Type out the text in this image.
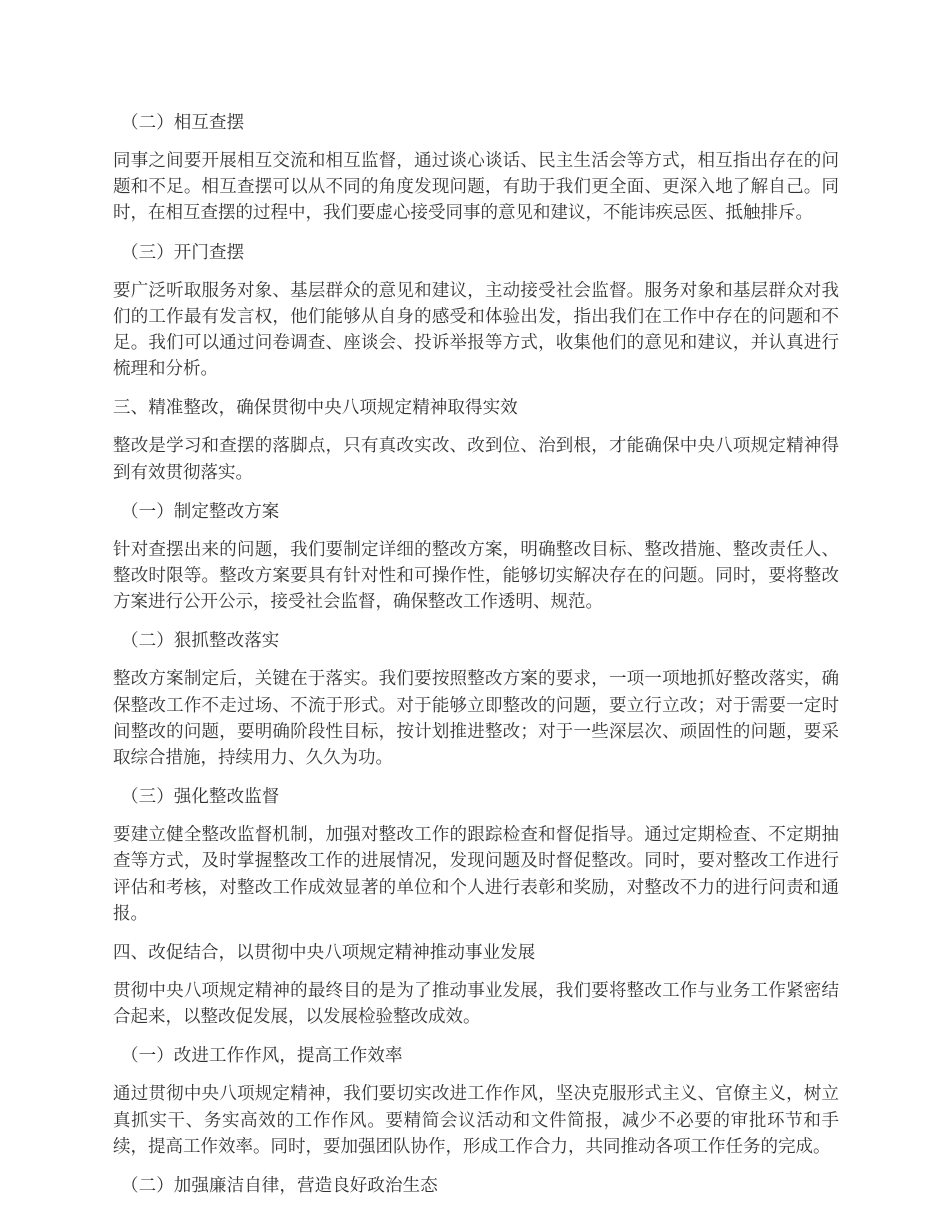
（二）相互查摆

同事之间要开展相互交流和相互监督，通过谈心谈话、民主生活会等方式，相互指出存在的问题和不足。相互查摆可以从不同的角度发现问题，有助于我们更全面、更深入地了解自己。同时，在相互查摆的过程中，我们要虚心接受同事的意见和建议，不能讳疾忌医、抵触排斥。

（三）开门查摆

要广泛听取服务对象、基层群众的意见和建议，主动接受社会监督。服务对象和基层群众对我们的工作最有发言权，他们能够从自身的感受和体验出发，指出我们在工作中存在的问题和不足。我们可以通过问卷调查、座谈会、投诉举报等方式，收集他们的意见和建议，并认真进行梳理和分析。

三、精准整改，确保贯彻中央八项规定精神取得实效

整改是学习和查摆的落脚点，只有真改实改、改到位、治到根，才能确保中央八项规定精神得到有效贯彻落实。

（一）制定整改方案

针对查摆出来的问题，我们要制定详细的整改方案，明确整改目标、整改措施、整改责任人、整改时限等。整改方案要具有针对性和可操作性，能够切实解决存在的问题。同时，要将整改方案进行公开公示，接受社会监督，确保整改工作透明、规范。

（二）狠抓整改落实

整改方案制定后，关键在于落实。我们要按照整改方案的要求，一项一项地抓好整改落实，确保整改工作不走过场、不流于形式。对于能够立即整改的问题，要立行立改；对于需要一定时间整改的问题，要明确阶段性目标，按计划推进整改；对于一些深层次、顽固性的问题，要采取综合措施，持续用力、久久为功。

（三）强化整改监督

要建立健全整改监督机制，加强对整改工作的跟踪检查和督促指导。通过定期检查、不定期抽查等方式，及时掌握整改工作的进展情况，发现问题及时督促整改。同时，要对整改工作进行评估和考核，对整改工作成效显著的单位和个人进行表彰和奖励，对整改不力的进行问责和通报。

四、改促结合，以贯彻中央八项规定精神推动事业发展

贯彻中央八项规定精神的最终目的是为了推动事业发展，我们要将整改工作与业务工作紧密结合起来，以整改促发展，以发展检验整改成效。

（一）改进工作作风，提高工作效率

通过贯彻中央八项规定精神，我们要切实改进工作作风，坚决克服形式主义、官僚主义，树立真抓实干、务实高效的工作作风。要精简会议活动和文件简报，减少不必要的审批环节和手续，提高工作效率。同时，要加强团队协作，形成工作合力，共同推动各项工作任务的完成。

（二）加强廉洁自律，营造良好政治生态
